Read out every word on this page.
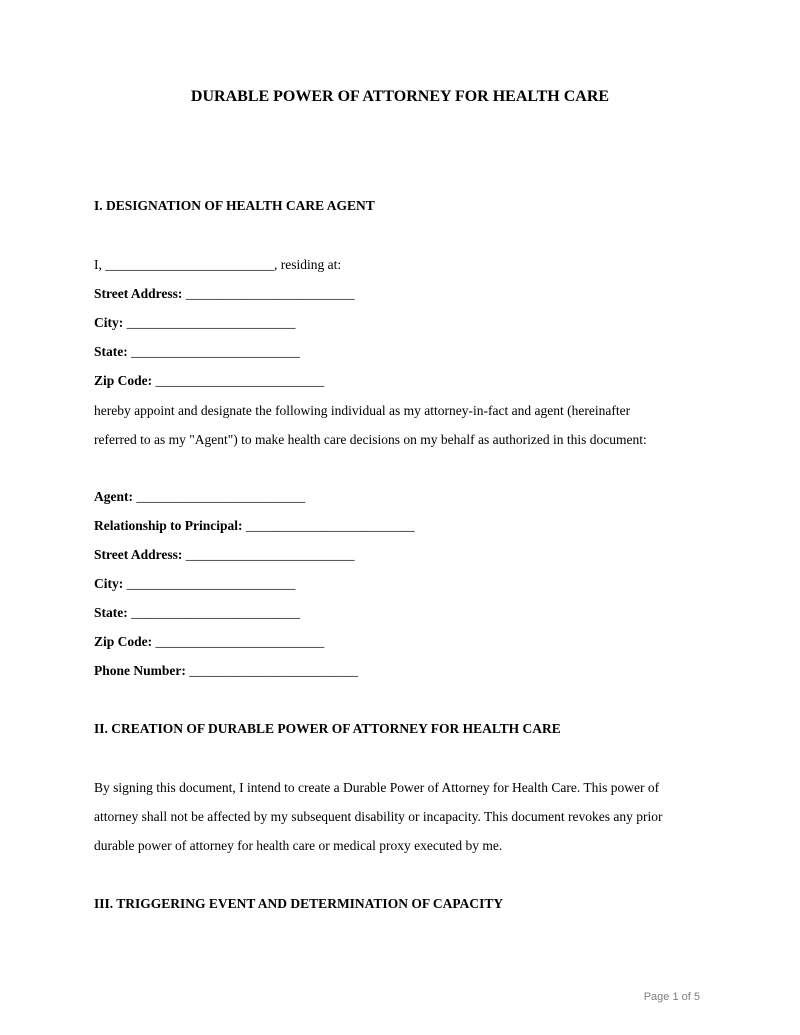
DURABLE POWER OF ATTORNEY FOR HEALTH CARE
I. DESIGNATION OF HEALTH CARE AGENT
I, _________________________, residing at:
Street Address: _________________________
City: _________________________
State: _________________________
Zip Code: _________________________
hereby appoint and designate the following individual as my attorney-in-fact and agent (hereinafter
referred to as my "Agent") to make health care decisions on my behalf as authorized in this document:
Agent: _________________________
Relationship to Principal: _________________________
Street Address: _________________________
City: _________________________
State: _________________________
Zip Code: _________________________
Phone Number: _________________________
II. CREATION OF DURABLE POWER OF ATTORNEY FOR HEALTH CARE
By signing this document, I intend to create a Durable Power of Attorney for Health Care. This power of
attorney shall not be affected by my subsequent disability or incapacity. This document revokes any prior
durable power of attorney for health care or medical proxy executed by me.
III. TRIGGERING EVENT AND DETERMINATION OF CAPACITY
Page 1 of 5
